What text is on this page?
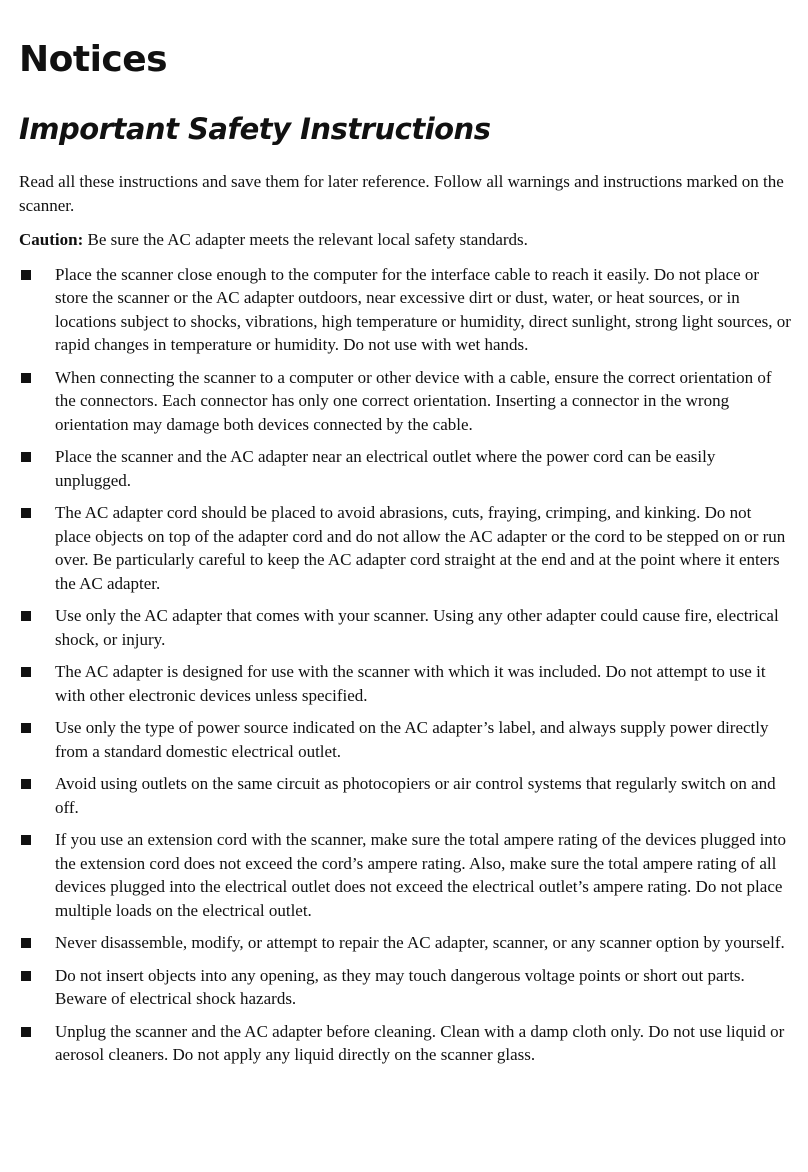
Notices
Important Safety Instructions

Read all these instructions and save them for later reference. Follow all warnings and instructions marked on the scanner.

Caution: Be sure the AC adapter meets the relevant local safety standards.

Place the scanner close enough to the computer for the interface cable to reach it easily. Do not place or store the scanner or the AC adapter outdoors, near excessive dirt or dust, water, or heat sources, or in locations subject to shocks, vibrations, high temperature or humidity, direct sunlight, strong light sources, or rapid changes in temperature or humidity. Do not use with wet hands.
When connecting the scanner to a computer or other device with a cable, ensure the correct orientation of the connectors. Each connector has only one correct orientation. Inserting a connector in the wrong orientation may damage both devices connected by the cable.
Place the scanner and the AC adapter near an electrical outlet where the power cord can be easily unplugged.
The AC adapter cord should be placed to avoid abrasions, cuts, fraying, crimping, and kinking. Do not place objects on top of the adapter cord and do not allow the AC adapter or the cord to be stepped on or run over. Be particularly careful to keep the AC adapter cord straight at the end and at the point where it enters the AC adapter.
Use only the AC adapter that comes with your scanner. Using any other adapter could cause fire, electrical shock, or injury.
The AC adapter is designed for use with the scanner with which it was included. Do not attempt to use it with other electronic devices unless specified.
Use only the type of power source indicated on the AC adapter’s label, and always supply power directly from a standard domestic electrical outlet.
Avoid using outlets on the same circuit as photocopiers or air control systems that regularly switch on and off.
If you use an extension cord with the scanner, make sure the total ampere rating of the devices plugged into the extension cord does not exceed the cord’s ampere rating. Also, make sure the total ampere rating of all devices plugged into the electrical outlet does not exceed the electrical outlet’s ampere rating. Do not place multiple loads on the electrical outlet.
Never disassemble, modify, or attempt to repair the AC adapter, scanner, or any scanner option by yourself.
Do not insert objects into any opening, as they may touch dangerous voltage points or short out parts. Beware of electrical shock hazards.
Unplug the scanner and the AC adapter before cleaning. Clean with a damp cloth only. Do not use liquid or aerosol cleaners. Do not apply any liquid directly on the scanner glass.
